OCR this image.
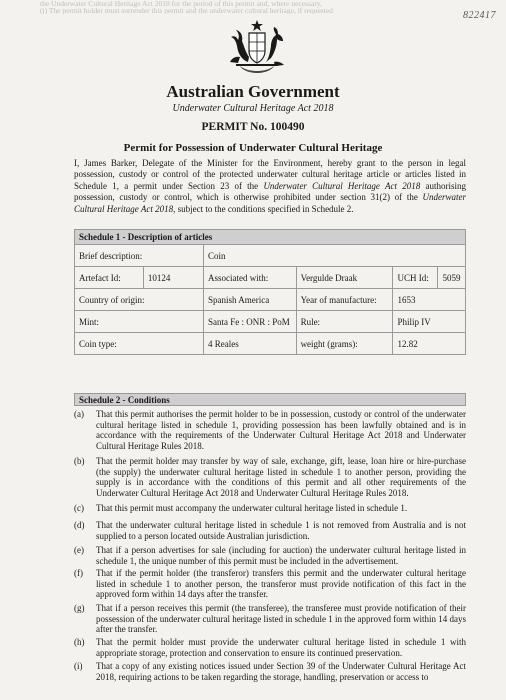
the Underwater Cultural Heritage Act 2018 for the period of this permit and, where necessary,
(j) The permit holder must surrender this permit and the underwater cultural heritage, if requested	822417
Australian Government
Underwater Cultural Heritage Act 2018
PERMIT No. 100490
Permit for Possession of Underwater Cultural Heritage
I, James Barker, Delegate of the Minister for the Environment, hereby grant to the person in legal possession, custody or control of the protected underwater cultural heritage article or articles listed in Schedule 1, a permit under Section 23 of the Underwater Cultural Heritage Act 2018 authorising possession, custody or control, which is otherwise prohibited under section 31(2) of the Underwater Cultural Heritage Act 2018, subject to the conditions specified in Schedule 2.
Schedule 1 - Description of articles					
Brief description:		Coin			
Artefact Id:	10124	Associated with:	Vergulde Draak	UCH Id:	5059
Country of origin:		Spanish America	Year of manufacture:	1653	
Mint:		Santa Fe : ONR : PoM	Rule:	Philip IV	
Coin type:		4 Reales	weight (grams):	12.82	
Schedule 2 - Conditions
(a)	That this permit authorises the permit holder to be in possession, custody or control of the underwater cultural heritage listed in schedule 1, providing possession has been lawfully obtained and is in accordance with the requirements of the Underwater Cultural Heritage Act 2018 and Underwater Cultural Heritage Rules 2018.
(b)	That the permit holder may transfer by way of sale, exchange, gift, lease, loan hire or hire-purchase (the supply) the underwater cultural heritage listed in schedule 1 to another person, providing the supply is in accordance with the conditions of this permit and all other requirements of the Underwater Cultural Heritage Act 2018 and Underwater Cultural Heritage Rules 2018.
(c)	That this permit must accompany the underwater cultural heritage listed in schedule 1.
(d)	That the underwater cultural heritage listed in schedule 1 is not removed from Australia and is not supplied to a person located outside Australian jurisdiction.
(e)	That if a person advertises for sale (including for auction) the underwater cultural heritage listed in schedule 1, the unique number of this permit must be included in the advertisement.
(f)	That if the permit holder (the transferor) transfers this permit and the underwater cultural heritage listed in schedule 1 to another person, the transferor must provide notification of this fact in the approved form within 14 days after the transfer.
(g)	That if a person receives this permit (the transferee), the transferee must provide notification of their possession of the underwater cultural heritage listed in schedule 1 in the approved form within 14 days after the transfer.
(h)	That the permit holder must provide the underwater cultural heritage listed in schedule 1 with appropriate storage, protection and conservation to ensure its continued preservation.
(i)	That a copy of any existing notices issued under Section 39 of the Underwater Cultural Heritage Act 2018, requiring actions to be taken regarding the storage, handling, preservation or access to
